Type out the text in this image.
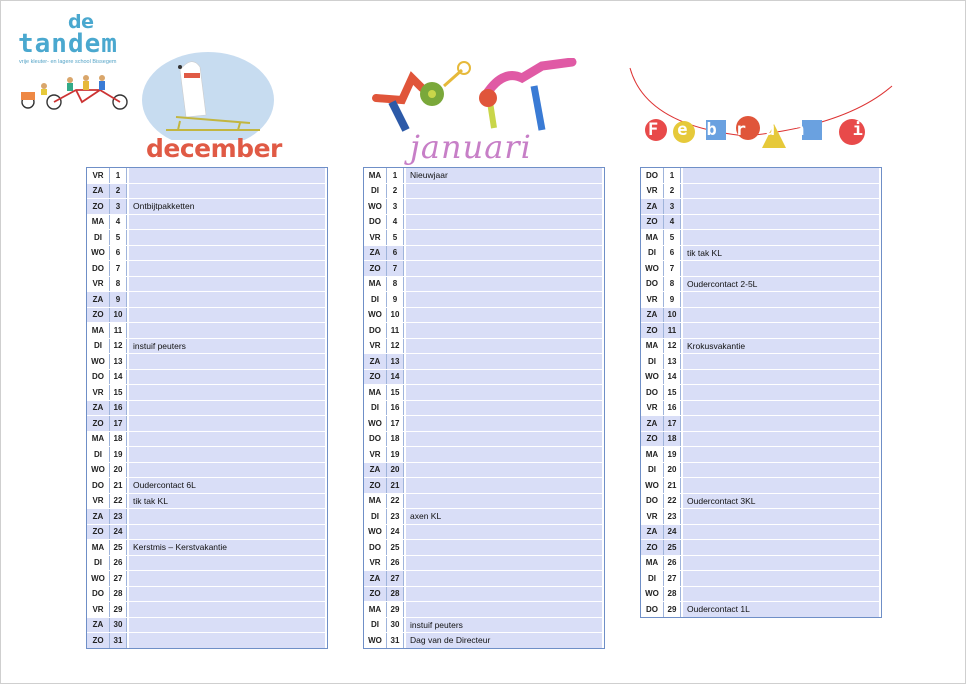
de
tandem
vrije kleuter- en lagere school Bissegem
december	januari	Februari
VR	1
ZA	2
ZO	3	Ontbijtpakketten
MA	4
DI	5
WO	6
DO	7
VR	8
ZA	9
ZO	10
MA	11
DI	12	instuif peuters
WO	13
DO	14
VR	15
ZA	16
ZO	17
MA	18
DI	19
WO	20
DO	21	Oudercontact 6L
VR	22	tik tak KL
ZA	23
ZO	24
MA	25	Kerstmis – Kerstvakantie
DI	26
WO	27
DO	28
VR	29
ZA	30
ZO	31
MA	1	Nieuwjaar
DI	2
WO	3
DO	4
VR	5
ZA	6
ZO	7
MA	8
DI	9
WO	10
DO	11
VR	12
ZA	13
ZO	14
MA	15
DI	16
WO	17
DO	18
VR	19
ZA	20
ZO	21
MA	22
DI	23	axen KL
WO	24
DO	25
VR	26
ZA	27
ZO	28
MA	29
DI	30	instuif peuters
WO	31	Dag van de Directeur
DO	1
VR	2
ZA	3
ZO	4
MA	5
DI	6	tik tak KL
WO	7
DO	8	Oudercontact 2-5L
VR	9
ZA	10
ZO	11
MA	12	Krokusvakantie
DI	13
WO	14
DO	15
VR	16
ZA	17
ZO	18
MA	19
DI	20
WO	21
DO	22	Oudercontact 3KL
VR	23
ZA	24
ZO	25
MA	26
DI	27
WO	28
DO	29	Oudercontact 1L
